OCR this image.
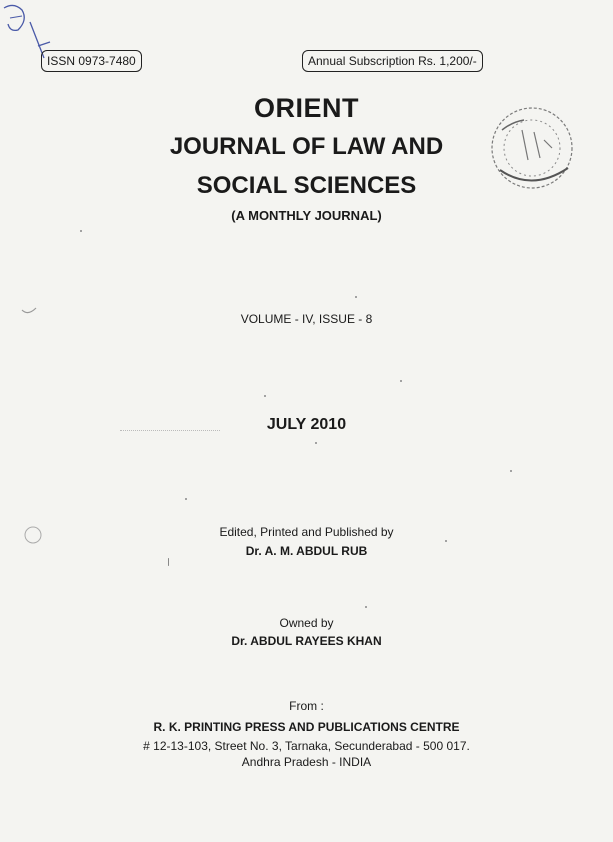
ISSN 0973-7480	Annual Subscription Rs. 1,200/-
ORIENT
JOURNAL OF LAW AND
SOCIAL SCIENCES
(A MONTHLY JOURNAL)
VOLUME - IV, ISSUE - 8
JULY 2010
Edited, Printed and Published by
Dr. A. M. ABDUL RUB
Owned by
Dr. ABDUL RAYEES KHAN
From :
R. K. PRINTING PRESS AND PUBLICATIONS CENTRE
# 12-13-103, Street No. 3, Tarnaka, Secunderabad - 500 017.
Andhra Pradesh - INDIA
